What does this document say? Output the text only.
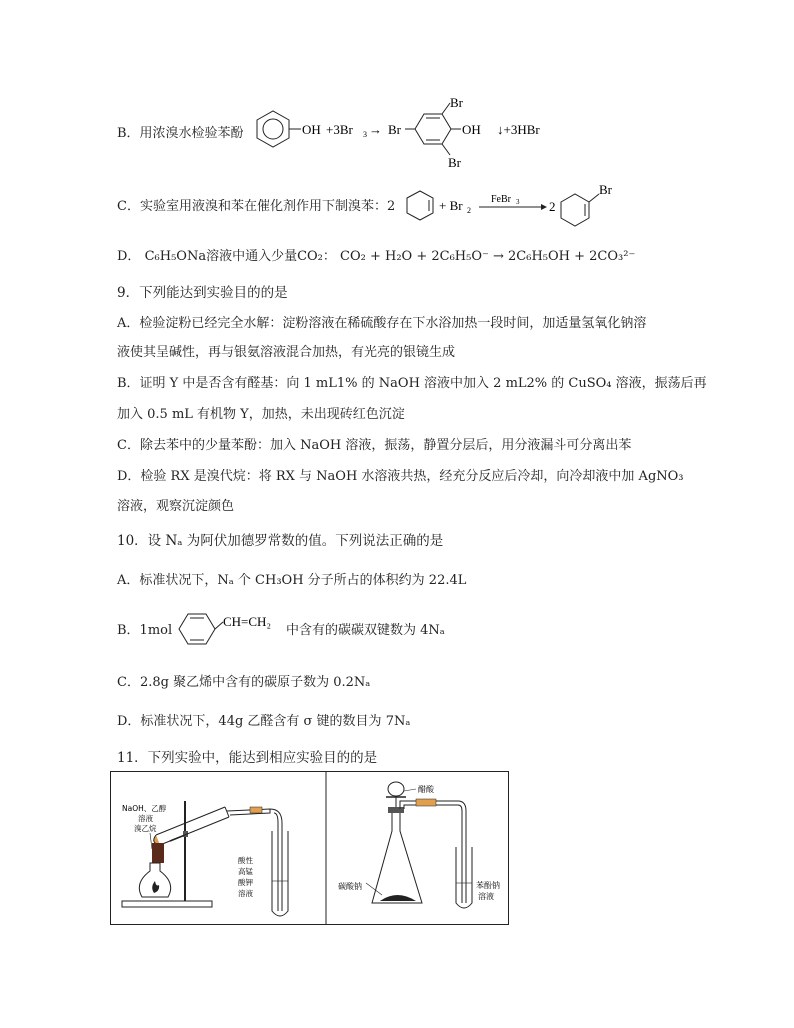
B．用浓溴水检验苯酚	OH +3Br 3 → Br
Br
OH
Br
↓+3HBr
C．实验室用液溴和苯在催化剂作用下制溴苯：2	+ Br 2
FeBr 3 2
Br
D． C₆H₅ONa溶液中通入少量CO₂： CO₂ + H₂O + 2C₆H₅O⁻ → 2C₆H₅OH + 2CO₃²⁻
9．下列能达到实验目的的是
A．检验淀粉已经完全水解：淀粉溶液在稀硫酸存在下水浴加热一段时间，加适量氢氧化钠溶
液使其呈碱性，再与银氨溶液混合加热，有光亮的银镜生成
B．证明 Y 中是否含有醛基：向 1 mL1% 的 NaOH 溶液中加入 2 mL2% 的 CuSO₄ 溶液，振荡后再
加入 0.5 mL 有机物 Y，加热，未出现砖红色沉淀
C．除去苯中的少量苯酚：加入 NaOH 溶液，振荡，静置分层后，用分液漏斗可分离出苯
D．检验 RX 是溴代烷：将 RX 与 NaOH 水溶液共热，经充分反应后冷却，向冷却液中加 AgNO₃
溶液，观察沉淀颜色
10．设 Nₐ 为阿伏加德罗常数的值。下列说法正确的是
A．标准状况下，Nₐ 个 CH₃OH 分子所占的体积约为 22.4L
B．1mol
CH=CH₂
中含有的碳碳双键数为 4Nₐ
C．2.8g 聚乙烯中含有的碳原子数为 0.2Nₐ
D．标准状况下，44g 乙醛含有 σ 键的数目为 7Nₐ
11．下列实验中，能达到相应实验目的的是
NaOH、乙醇
溶液
溴乙烷
酸性
高锰
酸钾
溶液
醋酸
碳酸钠	苯酚钠
溶液
